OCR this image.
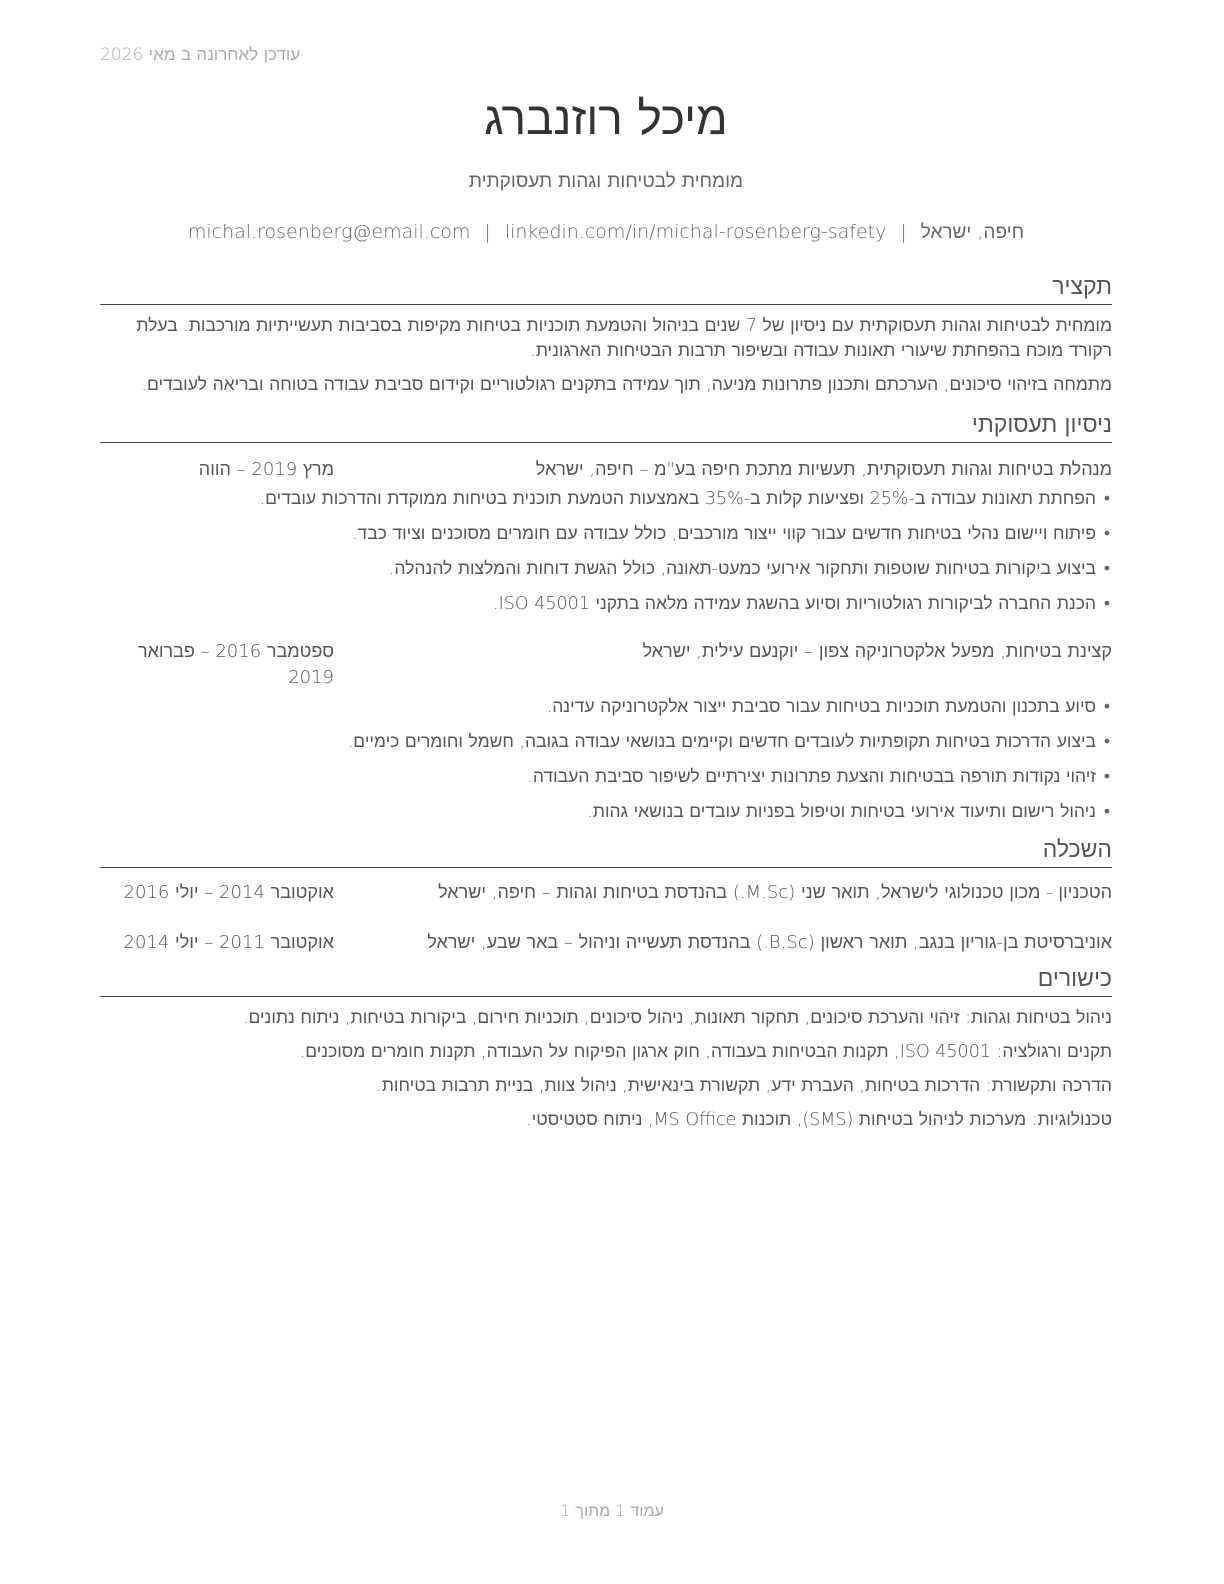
עודכן לאחרונה ב מאי 2026
מיכל רוזנברג
מומחית לבטיחות וגהות תעסוקתית
חיפה, ישראל|michal.rosenberg@email.com | linkedin.com/in/michal-rosenberg-safety
תקציר
מומחית לבטיחות וגהות תעסוקתית עם ניסיון של 7 שנים בניהול והטמעת תוכניות בטיחות מקיפות בסביבות תעשייתיות מורכבות. בעלת רקורד מוכח בהפחתת שיעורי תאונות עבודה ובשיפור תרבות הבטיחות הארגונית.
מתמחה בזיהוי סיכונים, הערכתם ותכנון פתרונות מניעה, תוך עמידה בתקנים רגולטוריים וקידום סביבת עבודה בטוחה ובריאה לעובדים.
ניסיון תעסוקתי
מנהלת בטיחות וגהות תעסוקתית, תעשיות מתכת חיפה בע"מ – חיפה, ישראל
מרץ 2019 – הווה
• הפחתת תאונות עבודה ב-25% ופציעות קלות ב-35% באמצעות הטמעת תוכנית בטיחות ממוקדת והדרכות עובדים.
• פיתוח ויישום נהלי בטיחות חדשים עבור קווי ייצור מורכבים, כולל עבודה עם חומרים מסוכנים וציוד כבד.
• ביצוע ביקורות בטיחות שוטפות ותחקור אירועי כמעט-תאונה, כולל הגשת דוחות והמלצות להנהלה.
• הכנת החברה לביקורות רגולטוריות וסיוע בהשגת עמידה מלאה בתקני ISO 45001.
קצינת בטיחות, מפעל אלקטרוניקה צפון – יוקנעם עילית, ישראל
ספטמבר 2016 – פברואר 2019
• סיוע בתכנון והטמעת תוכניות בטיחות עבור סביבת ייצור אלקטרוניקה עדינה.
• ביצוע הדרכות בטיחות תקופתיות לעובדים חדשים וקיימים בנושאי עבודה בגובה, חשמל וחומרים כימיים.
• זיהוי נקודות תורפה בבטיחות והצעת פתרונות יצירתיים לשיפור סביבת העבודה.
• ניהול רישום ותיעוד אירועי בטיחות וטיפול בפניות עובדים בנושאי גהות.
השכלה
הטכניון - מכון טכנולוגי לישראל, תואר שני (M.Sc.) בהנדסת בטיחות וגהות – חיפה, ישראל
אוקטובר 2014 – יולי 2016
אוניברסיטת בן-גוריון בנגב, תואר ראשון (B.Sc.) בהנדסת תעשייה וניהול – באר שבע, ישראל
אוקטובר 2011 – יולי 2014
כישורים
ניהול בטיחות וגהות: זיהוי והערכת סיכונים, תחקור תאונות, ניהול סיכונים, תוכניות חירום, ביקורות בטיחות, ניתוח נתונים.
תקנים ורגולציה: ISO 45001, תקנות הבטיחות בעבודה, חוק ארגון הפיקוח על העבודה, תקנות חומרים מסוכנים.
הדרכה ותקשורת: הדרכות בטיחות, העברת ידע, תקשורת בינאישית, ניהול צוות, בניית תרבות בטיחות.
טכנולוגיות: מערכות לניהול בטיחות (SMS), תוכנות MS Office, ניתוח סטטיסטי.
עמוד 1 מתוך 1
